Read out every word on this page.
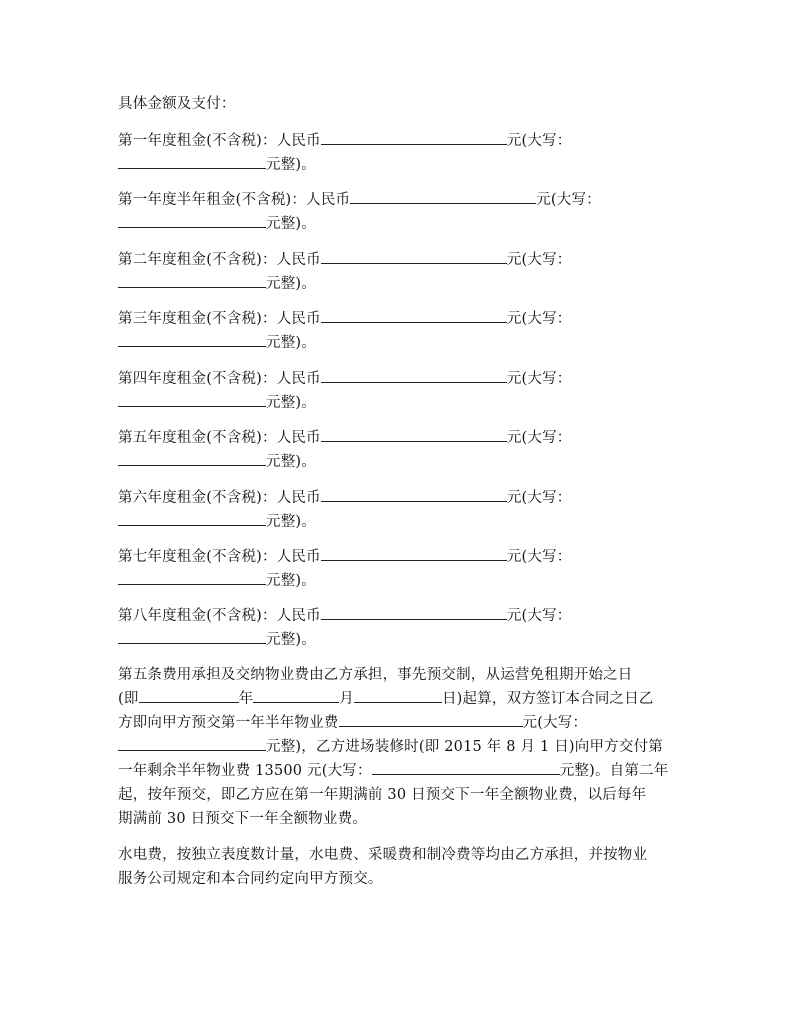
具体金额及支付：
第一年度租金(不含税)：人民币	元(大写：
元整)。
第一年度半年租金(不含税)：人民币	元(大写：
元整)。
第二年度租金(不含税)：人民币	元(大写：
元整)。
第三年度租金(不含税)：人民币	元(大写：
元整)。
第四年度租金(不含税)：人民币	元(大写：
元整)。
第五年度租金(不含税)：人民币	元(大写：
元整)。
第六年度租金(不含税)：人民币	元(大写：
元整)。
第七年度租金(不含税)：人民币	元(大写：
元整)。
第八年度租金(不含税)：人民币	元(大写：
元整)。
第五条费用承担及交纳物业费由乙方承担，事先预交制，从运营免租期开始之日
(即	年	月	日)起算，双方签订本合同之日乙
方即向甲方预交第一年半年物业费	元(大写：
元整)，乙方进场装修时(即 2015 年 8 月 1 日)向甲方交付第
一年剩余半年物业费 13500 元(大写：	元整)。自第二年
起，按年预交，即乙方应在第一年期满前 30 日预交下一年全额物业费，以后每年
期满前 30 日预交下一年全额物业费。
水电费，按独立表度数计量，水电费、采暖费和制冷费等均由乙方承担，并按物业
服务公司规定和本合同约定向甲方预交。
